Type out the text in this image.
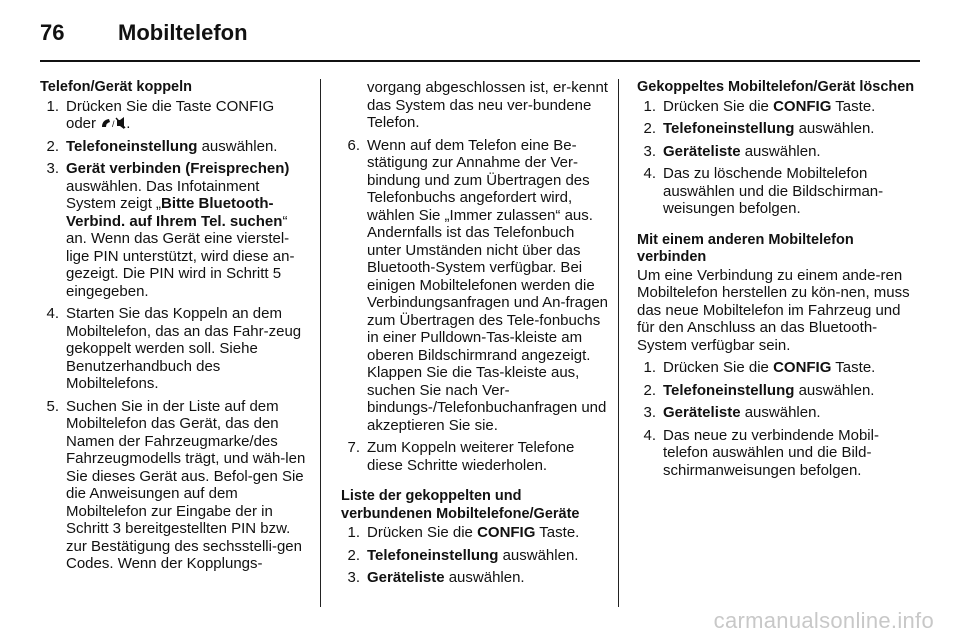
76 Mobiltelefon
Telefon/Gerät koppeln
1. Drücken Sie die Taste CONFIG oder / .
2. Telefoneinstellung auswählen.
3. Gerät verbinden (Freisprechen) auswählen. Das Infotainment System zeigt „Bitte Bluetooth-Verbind. auf Ihrem Tel. suchen“ an. Wenn das Gerät eine vierstel-lige PIN unterstützt, wird diese an-gezeigt. Die PIN wird in Schritt 5 eingegeben.
4. Starten Sie das Koppeln an dem Mobiltelefon, das an das Fahr-zeug gekoppelt werden soll. Siehe Benutzerhandbuch des Mobiltelefons.
5. Suchen Sie in der Liste auf dem Mobiltelefon das Gerät, das den Namen der Fahrzeugmarke/des Fahrzeugmodells trägt, und wäh-len Sie dieses Gerät aus. Befol-gen Sie die Anweisungen auf dem Mobiltelefon zur Eingabe der in Schritt 3 bereitgestellten PIN bzw. zur Bestätigung des sechsstelli-gen Codes. Wenn der Kopplungs-
vorgang abgeschlossen ist, er-kennt das System das neu ver-bundene Telefon.
6. Wenn auf dem Telefon eine Be-stätigung zur Annahme der Ver-bindung und zum Übertragen des Telefonbuchs angefordert wird, wählen Sie „Immer zulassen“ aus. Andernfalls ist das Telefonbuch unter Umständen nicht über das Bluetooth-System verfügbar. Bei einigen Mobiltelefonen werden die Verbindungsanfragen und An-fragen zum Übertragen des Tele-fonbuchs in einer Pulldown-Tas-kleiste am oberen Bildschirmrand angezeigt. Klappen Sie die Tas-kleiste aus, suchen Sie nach Ver-bindungs-/Telefonbuchanfragen und akzeptieren Sie sie.
7. Zum Koppeln weiterer Telefone diese Schritte wiederholen.
Liste der gekoppelten und verbundenen Mobiltelefone/Geräte
1. Drücken Sie die CONFIG Taste.
2. Telefoneinstellung auswählen.
3. Geräteliste auswählen.
Gekoppeltes Mobiltelefon/Gerät löschen
1. Drücken Sie die CONFIG Taste.
2. Telefoneinstellung auswählen.
3. Geräteliste auswählen.
4. Das zu löschende Mobiltelefon auswählen und die Bildschirman-weisungen befolgen.
Mit einem anderen Mobiltelefon verbinden
Um eine Verbindung zu einem ande-ren Mobiltelefon herstellen zu kön-nen, muss das neue Mobiltelefon im Fahrzeug und für den Anschluss an das Bluetooth-System verfügbar sein.
1. Drücken Sie die CONFIG Taste.
2. Telefoneinstellung auswählen.
3. Geräteliste auswählen.
4. Das neue zu verbindende Mobil-telefon auswählen und die Bild-schirmanweisungen befolgen.
carmanualsonline.info
